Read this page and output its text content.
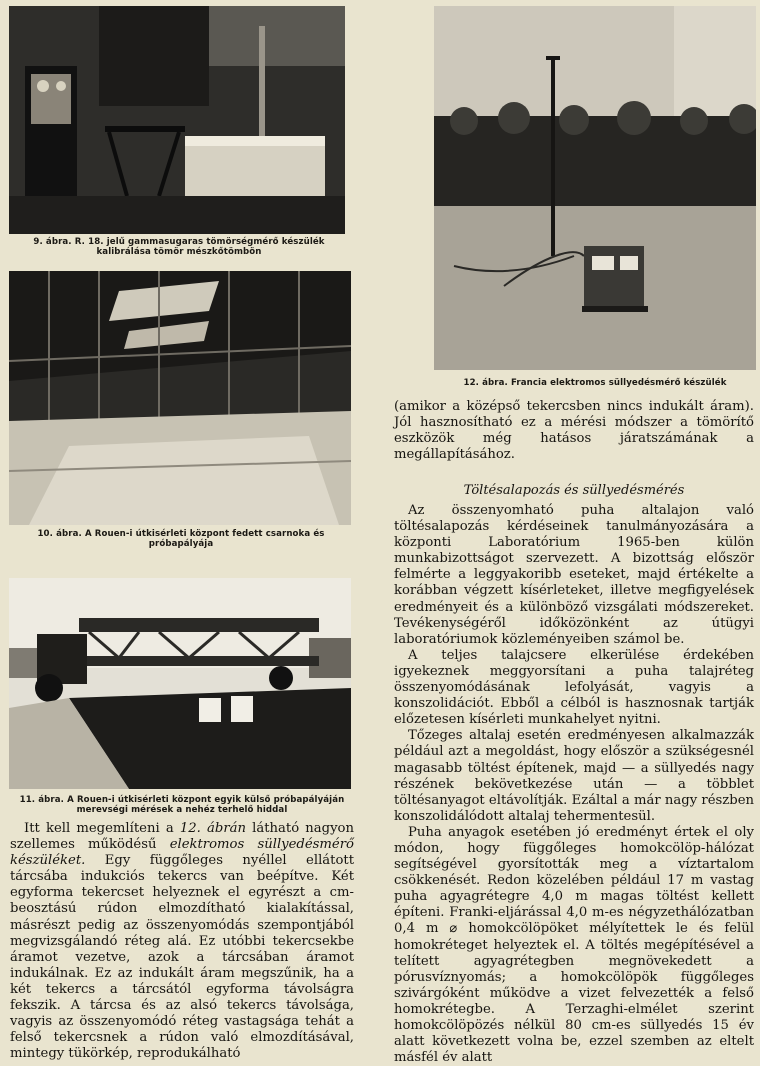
9. ábra. R. 18. jelű gammasugaras tömörségmérő készülék kalibrálása tömör mészkőtömbön
10. ábra. A Rouen-i útkisérleti központ fedett csarnoka és próbapályája
11. ábra. A Rouen-i útkisérleti központ egyik külső próbapályáján merevségi mérések a nehéz terhelő hiddal
12. ábra. Francia elektromos süllyedésmérő készülék

Itt kell megemlíteni a 12. ábrán látható nagyon szellemes működésű elektromos süllyedésmérő készüléket. Egy függőleges nyéllel ellátott tárcsába indukciós tekercs van beépítve. Két egyforma tekercset helyeznek el egyrészt a cm-beosztású rúdon elmozdítható kialakítással, másrészt pedig az összenyomódás szempontjából megvizsgálandó réteg alá. Ez utóbbi tekercsekbe áramot vezetve, azok a tárcsában áramot indukálnak. Ez az indukált áram megszűnik, ha a két tekercs a tárcsától egyforma távolságra fekszik. A tárcsa és az alsó tekercs távolsága, vagyis az összenyomódó réteg vastagsága tehát a felső tekercsnek a rúdon való elmozdításával, mintegy tükörkép, reprodukálható

(amikor a középső tekercsben nincs indukált áram). Jól hasznosítható ez a mérési módszer a tömörítő eszközök még hatásos járatszámának a megállapításához.

Töltésalapozás és süllyedésmérés

Az összenyomható puha altalajon való töltésalapozás kérdéseinek tanulmányozására a központi Laboratórium 1965-ben külön munkabizottságot szervezett. A bizottság először felmérte a leggyakoribb eseteket, majd értékelte a korábban végzett kísérleteket, illetve megfigyelések eredményeit és a különböző vizsgálati módszereket. Tevékenységéről időközönként az útügyi laboratóriumok közleményeiben számol be.

A teljes talajcsere elkerülése érdekében igyekeznek meggyorsítani a puha talajréteg összenyomódásának lefolyását, vagyis a konszolidációt. Ebből a célból is hasznosnak tartják előzetesen kísérleti munkahelyet nyitni.

Tőzeges altalaj esetén eredményesen alkalmazzák például azt a megoldást, hogy először a szükségesnél magasabb töltést építenek, majd — a süllyedés nagy részének bekövetkezése után — a többlet töltésanyagot eltávolítják. Ezáltal a már nagy részben konszolidálódott altalaj tehermentesül.

Puha anyagok esetében jó eredményt értek el oly módon, hogy függőleges homokcölöp-hálózat segítségével gyorsították meg a víztartalom csökkenését. Redon közelében például 17 m vastag puha agyagrétegre 4,0 m magas töltést kellett építeni. Franki-eljárással 4,0 m-es négyzethálózatban 0,4 m ⌀ homokcölöpöket mélyítettek le és felül homokréteget helyeztek el. A töltés megépítésével a telített agyagrétegben megnövekedett a pórusvíznyomás; a homokcölöpök függőleges szivárgóként működve a vizet felvezették a felső homokrétegbe. A Terzaghi-elmélet szerint homokcölöpözés nélkül 80 cm-es süllyedés 15 év alatt következett volna be, ezzel szemben az eltelt másfél év alatt
